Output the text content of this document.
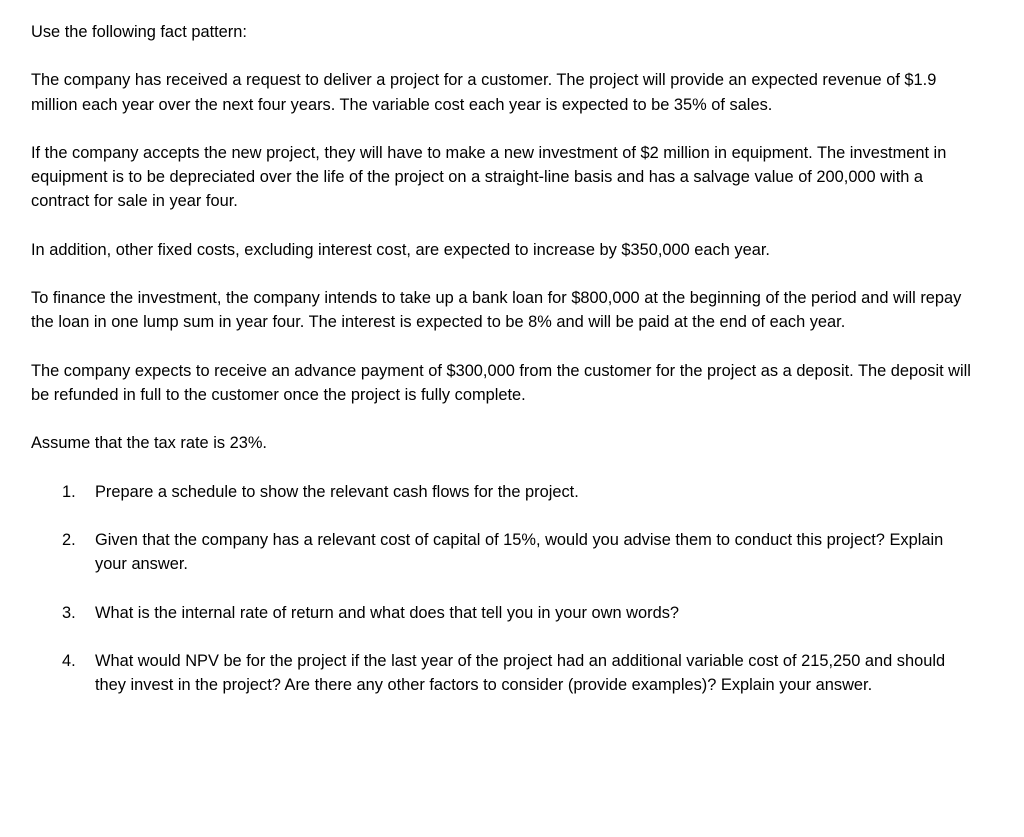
Use the following fact pattern:

The company has received a request to deliver a project for a customer. The project will provide an expected revenue of $1.9 million each year over the next four years. The variable cost each year is expected to be 35% of sales.

If the company accepts the new project, they will have to make a new investment of $2 million in equipment. The investment in equipment is to be depreciated over the life of the project on a straight-line basis and has a salvage value of 200,000 with a contract for sale in year four.

In addition, other fixed costs, excluding interest cost, are expected to increase by $350,000 each year.

To finance the investment, the company intends to take up a bank loan for $800,000 at the beginning of the period and will repay the loan in one lump sum in year four. The interest is expected to be 8% and will be paid at the end of each year.

The company expects to receive an advance payment of $300,000 from the customer for the project as a deposit. The deposit will be refunded in full to the customer once the project is fully complete.

Assume that the tax rate is 23%.

1.	Prepare a schedule to show the relevant cash flows for the project.
2.	Given that the company has a relevant cost of capital of 15%, would you advise them to conduct this project? Explain your answer.
3.	What is the internal rate of return and what does that tell you in your own words?
4.	What would NPV be for the project if the last year of the project had an additional variable cost of 215,250 and should they invest in the project? Are there any other factors to consider (provide examples)? Explain your answer.
